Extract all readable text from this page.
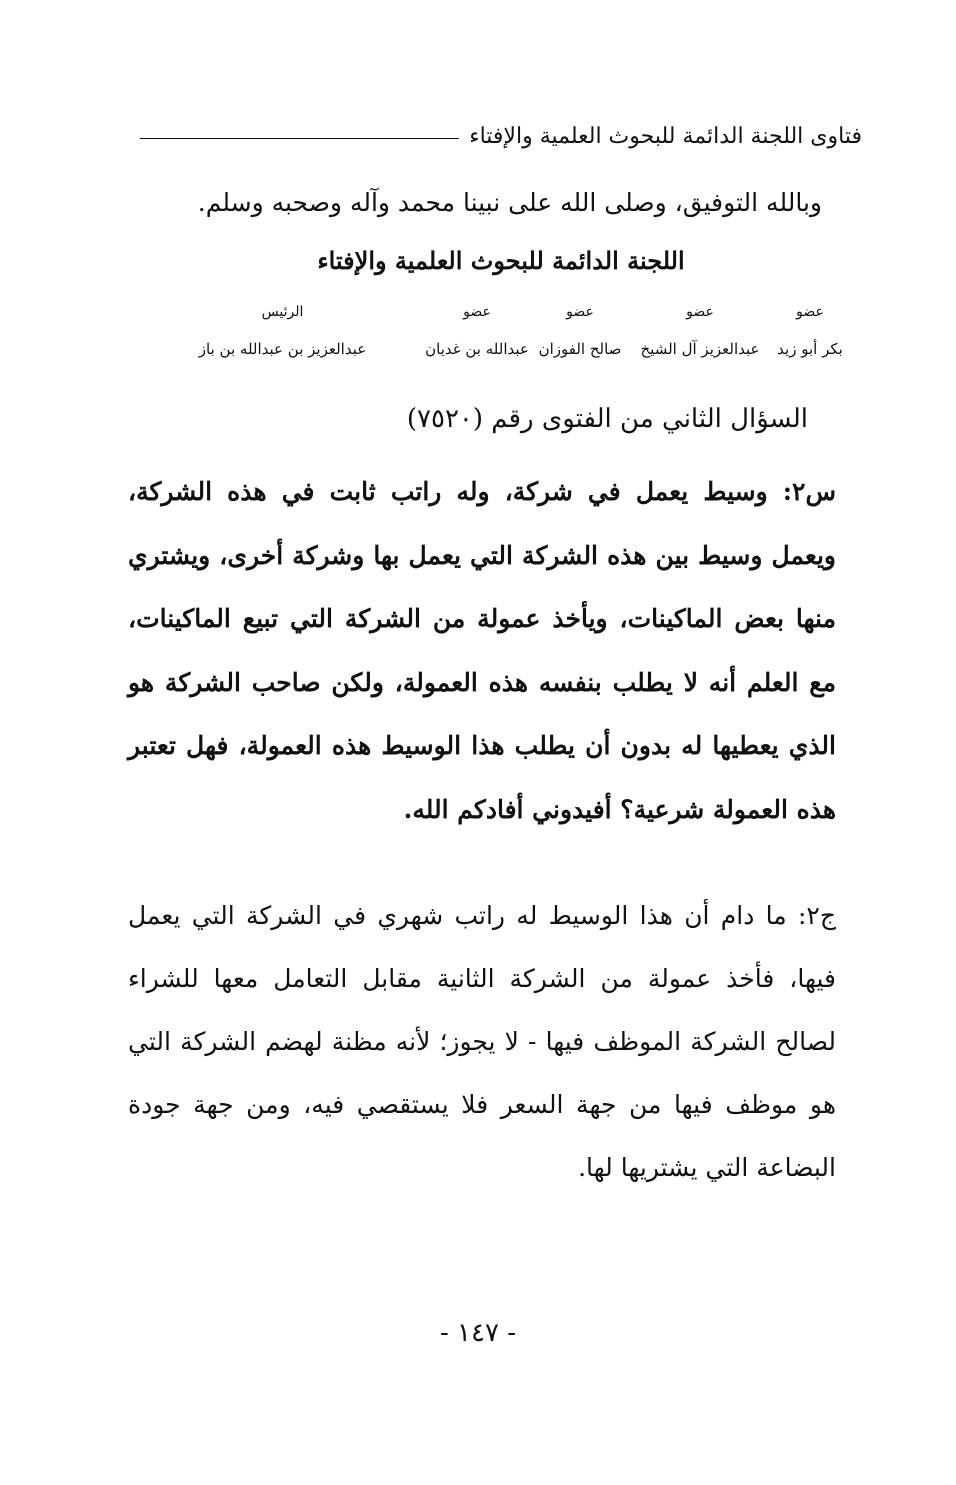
فتاوى اللجنة الدائمة للبحوث العلمية والإفتاء
وبالله التوفيق، وصلى الله على نبينا محمد وآله وصحبه وسلم.
اللجنة الدائمة للبحوث العلمية والإفتاء
عضو
بكر أبو زيد
عضو
عبدالعزيز آل الشيخ
عضو
صالح الفوزان
عضو
عبدالله بن غديان
الرئيس
عبدالعزيز بن عبدالله بن باز
السؤال الثاني من الفتوى رقم (٧٥٢٠)

س٢: وسيط يعمل في شركة، وله راتب ثابت في هذه الشركة، ويعمل وسيط بين هذه الشركة التي يعمل بها وشركة أخرى، ويشتري منها بعض الماكينات، ويأخذ عمولة من الشركة التي تبيع الماكينات، مع العلم أنه لا يطلب بنفسه هذه العمولة، ولكن صاحب الشركة هو الذي يعطيها له بدون أن يطلب هذا الوسيط هذه العمولة، فهل تعتبر هذه العمولة شرعية؟ أفيدوني أفادكم الله.

ج٢: ما دام أن هذا الوسيط له راتب شهري في الشركة التي يعمل فيها، فأخذ عمولة من الشركة الثانية مقابل التعامل معها للشراء لصالح الشركة الموظف فيها - لا يجوز؛ لأنه مظنة لهضم الشركة التي هو موظف فيها من جهة السعر فلا يستقصي فيه، ومن جهة جودة البضاعة التي يشتريها لها.

- ١٤٧ -
